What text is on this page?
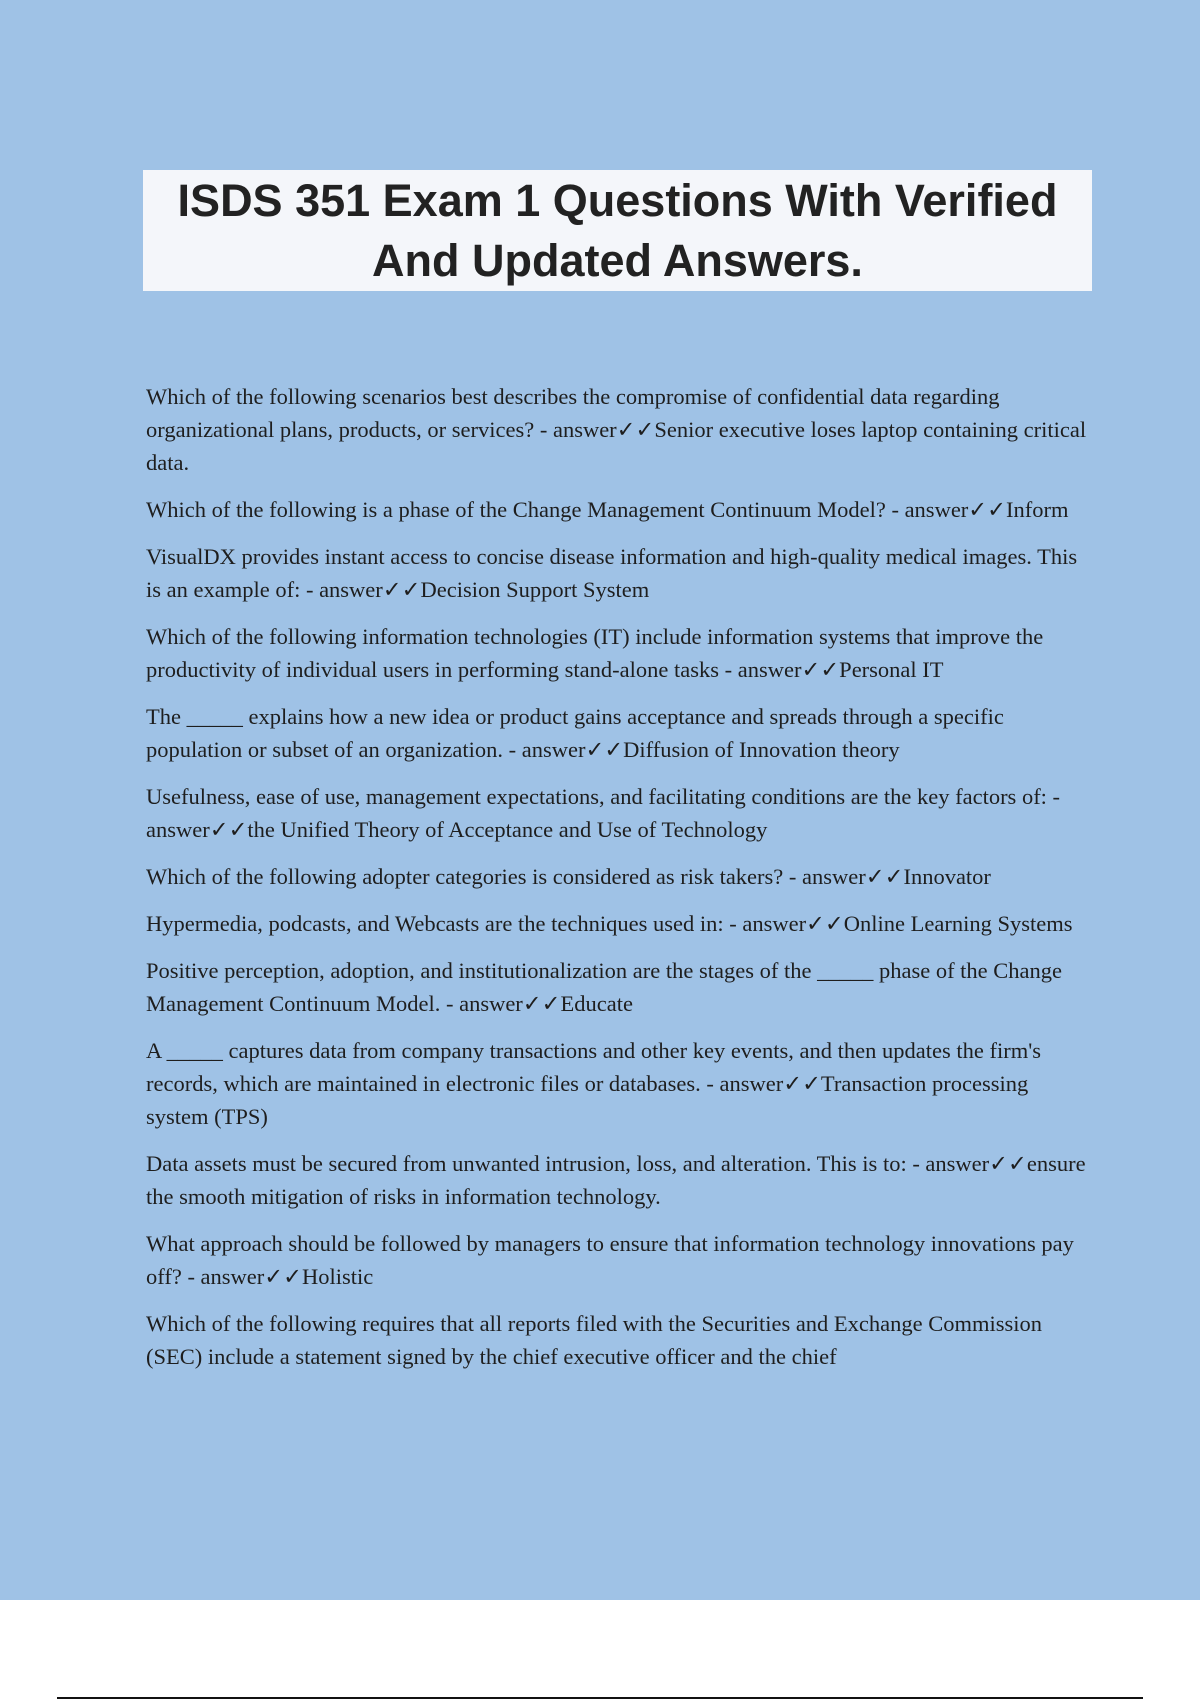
ISDS 351 Exam 1 Questions With Verified And Updated Answers.

Which of the following scenarios best describes the compromise of confidential data regarding organizational plans, products, or services? - answer✓✓Senior executive loses laptop containing critical data.

Which of the following is a phase of the Change Management Continuum Model? - answer✓✓Inform

VisualDX provides instant access to concise disease information and high-quality medical images. This is an example of: - answer✓✓Decision Support System

Which of the following information technologies (IT) include information systems that improve the productivity of individual users in performing stand-alone tasks - answer✓✓Personal IT

The _____ explains how a new idea or product gains acceptance and spreads through a specific population or subset of an organization. - answer✓✓Diffusion of Innovation theory

Usefulness, ease of use, management expectations, and facilitating conditions are the key factors of: - answer✓✓the Unified Theory of Acceptance and Use of Technology

Which of the following adopter categories is considered as risk takers? - answer✓✓Innovator

Hypermedia, podcasts, and Webcasts are the techniques used in: - answer✓✓Online Learning Systems

Positive perception, adoption, and institutionalization are the stages of the _____ phase of the Change Management Continuum Model. - answer✓✓Educate

A _____ captures data from company transactions and other key events, and then updates the firm's records, which are maintained in electronic files or databases. - answer✓✓Transaction processing system (TPS)

Data assets must be secured from unwanted intrusion, loss, and alteration. This is to: - answer✓✓ensure the smooth mitigation of risks in information technology.

What approach should be followed by managers to ensure that information technology innovations pay off? - answer✓✓Holistic

Which of the following requires that all reports filed with the Securities and Exchange Commission (SEC) include a statement signed by the chief executive officer and the chief
